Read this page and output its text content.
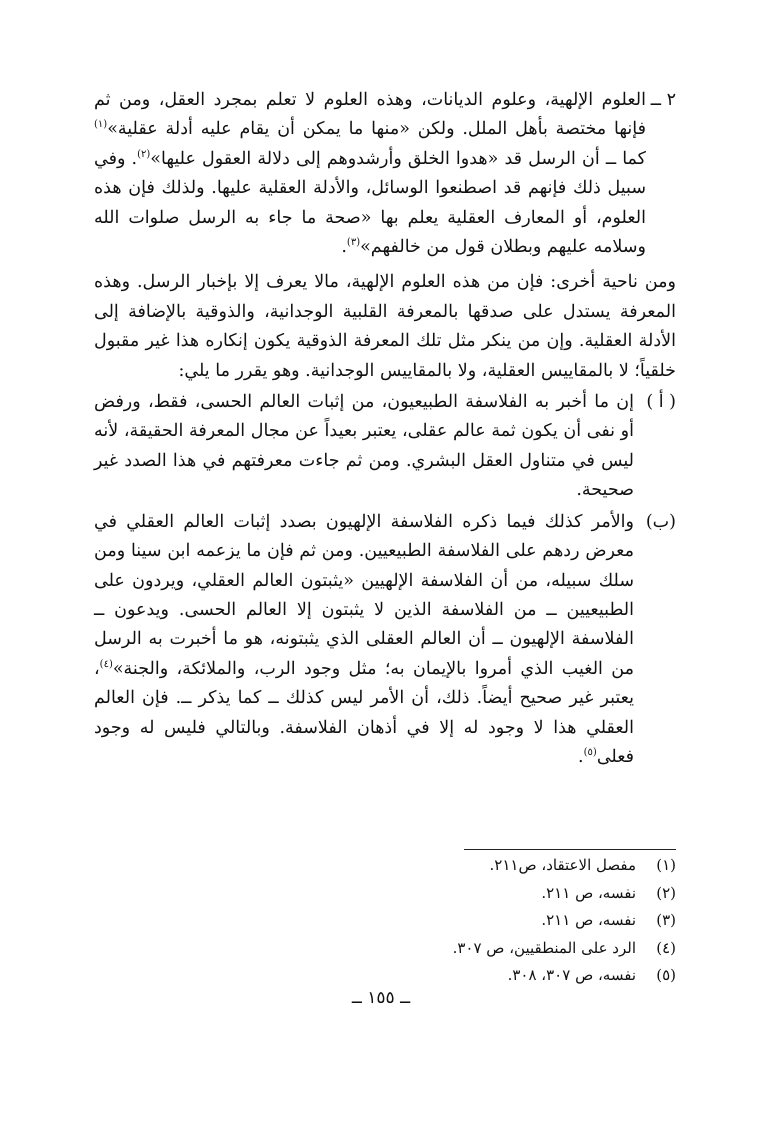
٢ ــ

العلوم الإلهية، وعلوم الديانات، وهذه العلوم لا تعلم بمجرد العقل، ومن ثم فإنها مختصة بأهل الملل. ولكن «منها ما يمكن أن يقام عليه أدلة عقلية»$^{(١)}$ كما ــ أن الرسل قد «هدوا الخلق وأرشدوهم إلى دلالة العقول عليها»$^{(٢)}$. وفي سبيل ذلك فإنهم قد اصطنعوا الوسائل، والأدلة العقلية عليها. ولذلك فإن هذه العلوم، أو المعارف العقلية يعلم بها «صحة ما جاء به الرسل صلوات الله وسلامه عليهم وبطلان قول من خالفهم»$^{(٣)}$.

ومن ناحية أخرى: فإن من هذه العلوم الإلهية، مالا يعرف إلا بإخبار الرسل. وهذه المعرفة يستدل على صدقها بالمعرفة القلبية الوجدانية، والذوقية بالإضافة إلى الأدلة العقلية. وإن من ينكر مثل تلك المعرفة الذوقية يكون إنكاره هذا غير مقبول خلقياً؛ لا بالمقاييس العقلية، ولا بالمقاييس الوجدانية. وهو يقرر ما يلي:

( أ )

إن ما أخبر به الفلاسفة الطبيعيون، من إثبات العالم الحسى، فقط، ورفض أو نفى أن يكون ثمة عالم عقلى، يعتبر بعيداً عن مجال المعرفة الحقيقة، لأنه ليس في متناول العقل البشري. ومن ثم جاءت معرفتهم في هذا الصدد غير صحيحة.

(ب)

والأمر كذلك فيما ذكره الفلاسفة الإلهيون بصدد إثبات العالم العقلي في معرض ردهم على الفلاسفة الطبيعيين. ومن ثم فإن ما يزعمه ابن سينا ومن سلك سبيله، من أن الفلاسفة الإلهيين «يثبتون العالم العقلي، ويردون على الطبيعيين ــ من الفلاسفة الذين لا يثبتون إلا العالم الحسى. ويدعون ــ الفلاسفة الإلهيون ــ أن العالم العقلى الذي يثبتونه، هو ما أخبرت به الرسل من الغيب الذي أمروا بالإيمان به؛ مثل وجود الرب، والملائكة، والجنة»$^{(٤)}$، يعتبر غير صحيح أيضاً. ذلك، أن الأمر ليس كذلك ــ كما يذكر ــ. فإن العالم العقلي هذا لا وجود له إلا في أذهان الفلاسفة. وبالتالي فليس له وجود فعلى$^{(٥)}$.

(١)
مفصل الاعتقاد، ص٢١١.
(٢)
نفسه، ص ٢١١.
(٣)
نفسه، ص ٢١١.
(٤)
الرد على المنطقيين، ص ٣٠٧.
(٥)
نفسه، ص ٣٠٧، ٣٠٨.
ــ ١٥٥ ــ
